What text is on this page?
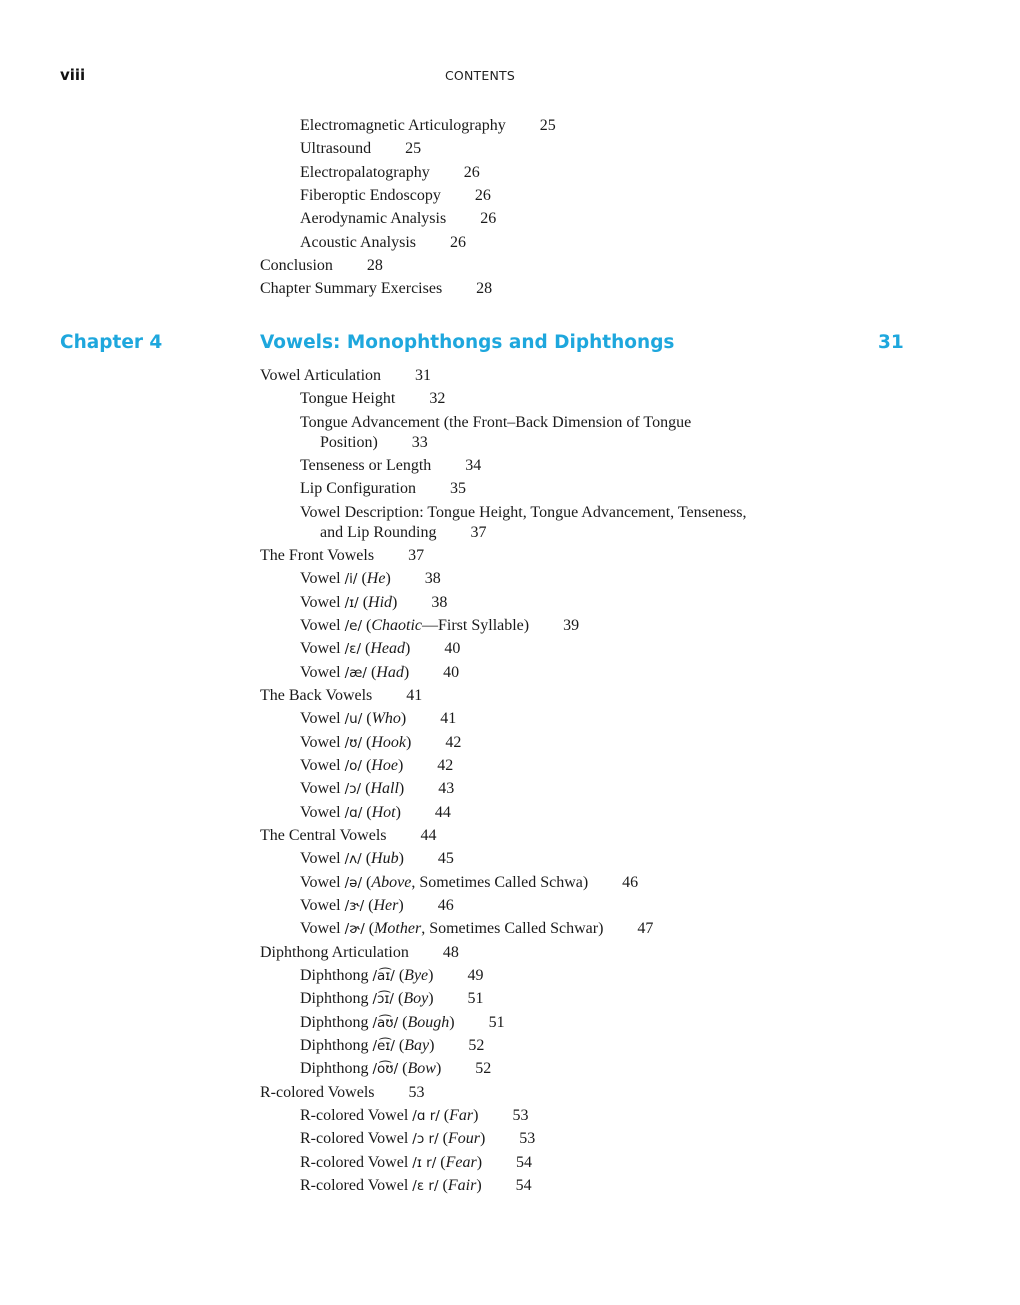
viii	CONTENTS
Electromagnetic Articulography 25
Ultrasound 25
Electropalatography 26
Fiberoptic Endoscopy 26
Aerodynamic Analysis 26
Acoustic Analysis 26
Conclusion 28
Chapter Summary Exercises 28
Chapter 4	Vowels: Monophthongs and Diphthongs	31
Vowel Articulation 31
Tongue Height 32
Tongue Advancement (the Front–Back Dimension of Tongue
Position) 33
Tenseness or Length 34
Lip Configuration 35
Vowel Description: Tongue Height, Tongue Advancement, Tenseness,
and Lip Rounding 37
The Front Vowels 37
Vowel /i/ (He) 38
Vowel /ɪ/ (Hid) 38
Vowel /e/ (Chaotic—First Syllable) 39
Vowel /ɛ/ (Head) 40
Vowel /æ/ (Had) 40
The Back Vowels 41
Vowel /u/ (Who) 41
Vowel /ʊ/ (Hook) 42
Vowel /o/ (Hoe) 42
Vowel /ɔ/ (Hall) 43
Vowel /ɑ/ (Hot) 44
The Central Vowels 44
Vowel /ʌ/ (Hub) 45
Vowel /ə/ (Above, Sometimes Called Schwa) 46
Vowel /ɝ/ (Her) 46
Vowel /ɚ/ (Mother, Sometimes Called Schwar) 47
Diphthong Articulation 48
Diphthong /a͡ɪ/ (Bye) 49
Diphthong /ɔ͡ɪ/ (Boy) 51
Diphthong /a͡ʊ/ (Bough) 51
Diphthong /e͡ɪ/ (Bay) 52
Diphthong /o͡ʊ/ (Bow) 52
R-colored Vowels 53
R-colored Vowel /ɑ r/ (Far) 53
R-colored Vowel /ɔ r/ (Four) 53
R-colored Vowel /ɪ r/ (Fear) 54
R-colored Vowel /ɛ r/ (Fair) 54
